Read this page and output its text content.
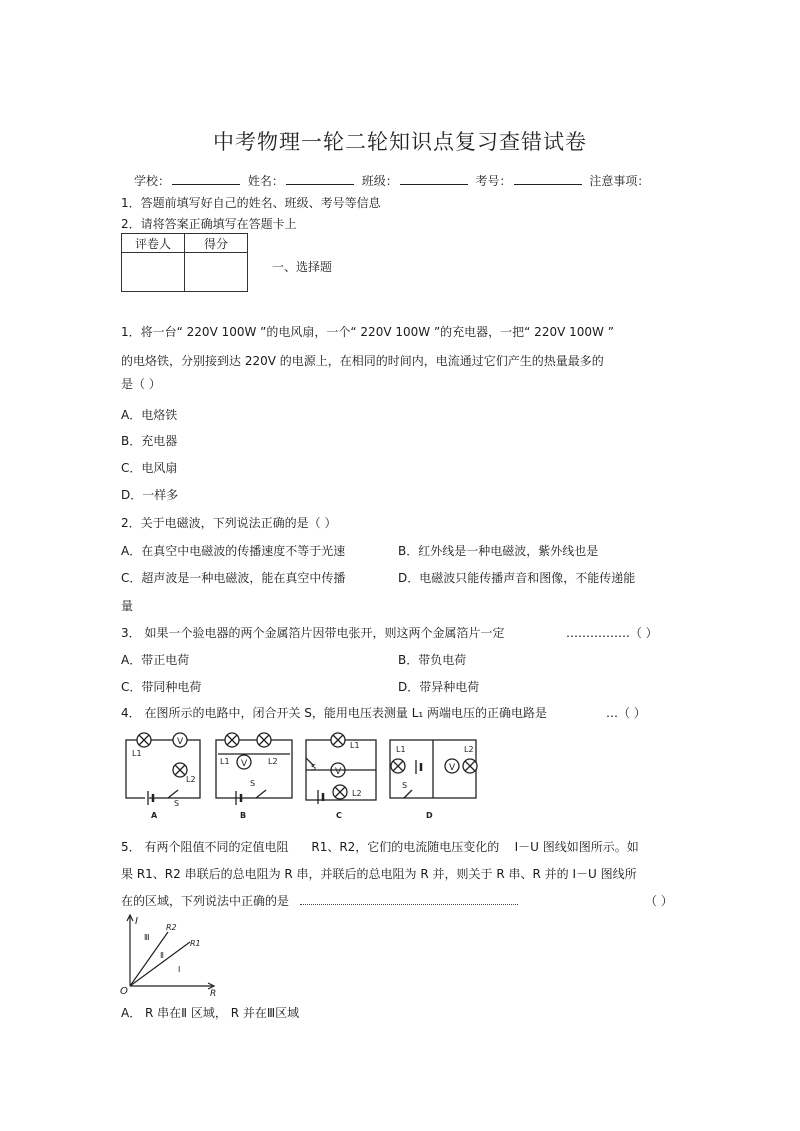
中考物理一轮二轮知识点复习查错试卷
学校：	姓名：	班级：	考号：	注意事项：
1．答题前填写好自己的姓名、班级、考号等信息
2．请将答案正确填写在答题卡上
评卷人	得分

一、选择题
1．将一台“ 220V 100W ”的电风扇，一个“ 220V 100W ”的充电器，一把“ 220V 100W ”
的电烙铁，分别接到达 220V 的电源上，在相同的时间内，电流通过它们产生的热量最多的
是（ ）
A．电烙铁
B．充电器
C．电风扇
D．一样多
2．关于电磁波，下列说法正确的是（ ）
A．在真空中电磁波的传播速度不等于光速	B．红外线是一种电磁波，紫外线也是
C．超声波是一种电磁波，能在真空中传播	D．电磁波只能传播声音和图像，不能传递能
量
3． 如果一个验电器的两个金属箔片因带电张开，则这两个金属箔片一定	…………….（ ）
A．带正电荷	B．带负电荷
C．带同种电荷	D．带异种电荷
4． 在图所示的电路中，闭合开关 S，能用电压表测量 L₁ 两端电压的正确电路是	…（ ）
V
V
V	V
L1
L2
S
A
L1	L2
S
B
L1
L2
S
C
L1	L2
S
D
5． 有两个阻值不同的定值电阻 R1、R2，它们的电流随电压变化的 I－U 图线如图所示。如
果 R1、R2 串联后的总电阻为 R 串，并联后的总电阻为 R 并，则关于 R 串、R 并的 I－U 图线所
在的区域，下列说法中正确的是	（ ）
I
R2
R1
O	R
Ⅲ
Ⅱ
Ⅰ
A． R 串在Ⅱ 区域， R 并在Ⅲ区域
